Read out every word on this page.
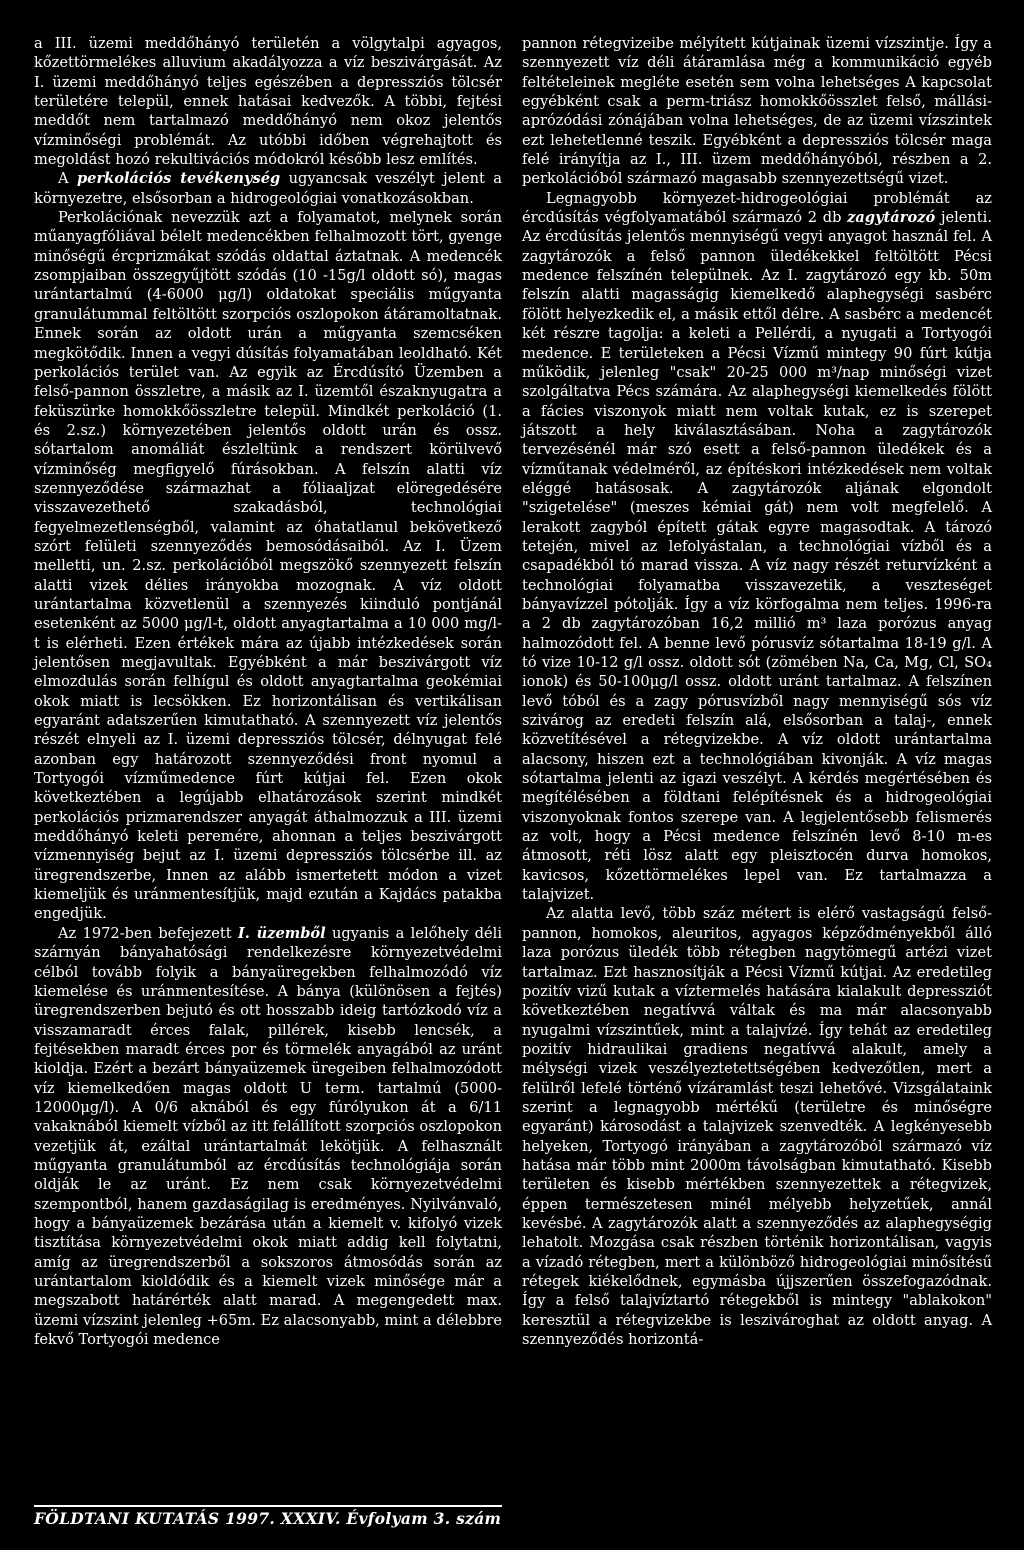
a III. üzemi meddőhányó területén a völgytalpi agyagos, kőzettörmelékes alluvium akadályozza a víz beszivárgását. Az I. üzemi meddőhányó teljes egészében a depressziós tölcsér területére települ, ennek hatásai kedvezők. A többi, fejtési meddőt nem tartalmazó meddőhányó nem okoz jelentős vízminőségi problémát. Az utóbbi időben végrehajtott és megoldást hozó rekultivációs módokról később lesz említés.

A perkolációs tevékenység ugyancsak veszélyt jelent a környezetre, elsősorban a hidrogeológiai vonatkozásokban.

Perkolációnak nevezzük azt a folyamatot, melynek során műanyagfóliával bélelt medencékben felhalmozott tört, gyenge minőségű ércprizmákat szódás oldattal áztatnak. A medencék zsompjaiban összegyűjtött szódás (10 -15g/l oldott só), magas urántartalmú (4-6000 μg/l) oldatokat speciális műgyanta granulátummal feltöltött szorpciós oszlopokon átáramoltatnak. Ennek során az oldott urán a műgyanta szemcséken megkötődik. Innen a vegyi dúsítás folyamatában leoldható. Két perkolációs terület van. Az egyik az Ércdúsító Üzemben a felső-pannon összletre, a másik az I. üzemtől északnyugatra a feküszürke homokkőösszletre települ. Mindkét perkoláció (1. és 2.sz.) környezetében jelentős oldott urán és ossz. sótartalom anomáliát észleltünk a rendszert körülvevő vízminőség megfigyelő fúrásokban. A felszín alatti víz szennyeződése származhat a fóliaaljzat elöregedésére visszavezethető szakadásból, technológiai fegyelmezetlenségből, valamint az óhatatlanul bekövetkező szórt felületi szennyeződés bemosódásaiból. Az I. Üzem melletti, un. 2.sz. perkolációból megszökő szennyezett felszín alatti vizek délies irányokba mozognak. A víz oldott urántartalma közvetlenül a szennyezés kiinduló pontjánál esetenként az 5000 μg/l-t, oldott anyagtartalma a 10 000 mg/l-t is elérheti. Ezen értékek mára az újabb intézkedések során jelentősen megjavultak. Egyébként a már beszivárgott víz elmozdulás során felhígul és oldott anyagtartalma geokémiai okok miatt is lecsökken. Ez horizontálisan és vertikálisan egyaránt adatszerűen kimutatható. A szennyezett víz jelentős részét elnyeli az I. üzemi depressziós tölcsér, délnyugat felé azonban egy határozott szennyeződési front nyomul a Tortyogói vízműmedence fúrt kútjai fel. Ezen okok következtében a legújabb elhatározások szerint mindkét perkolációs prizmarendszer anyagát áthalmozzuk a III. üzemi meddőhányó keleti peremére, ahonnan a teljes beszivárgott vízmennyiség bejut az I. üzemi depressziós tölcsérbe ill. az üregrendszerbe, Innen az alább ismertetett módon a vizet kiemeljük és uránmentesítjük, majd ezután a Kajdács patakba engedjük.

Az 1972-ben befejezett I. üzemből ugyanis a lelőhely déli szárnyán bányahatósági rendelkezésre környezetvédelmi célból tovább folyik a bányaüregekben felhalmozódó víz kiemelése és uránmentesítése. A bánya (különösen a fejtés) üregrendszerben bejutó és ott hosszabb ideig tartózkodó víz a visszamaradt érces falak, pillérek, kisebb lencsék, a fejtésekben maradt érces por és törmelék anyagából az uránt kioldja. Ezért a bezárt bányaüzemek üregeiben felhalmozódott víz kiemelkedően magas oldott U term. tartalmú (5000-12000μg/l). A 0/6 aknából és egy fúrólyukon át a 6/11 vakaknából kiemelt vízből az itt felállított szorpciós oszlopokon vezetjük át, ezáltal urántartalmát lekötjük. A felhasznált műgyanta granulátumból az ércdúsítás technológiája során oldják le az uránt. Ez nem csak környezetvédelmi szempontból, hanem gazdaságilag is eredményes. Nyilvánvaló, hogy a bányaüzemek bezárása után a kiemelt v. kifolyó vizek tisztítása környezetvédelmi okok miatt addig kell folytatni, amíg az üregrendszerből a sokszoros átmosódás során az urántartalom kioldódik és a kiemelt vizek minősége már a megszabott határérték alatt marad. A megengedett max. üzemi vízszint jelenleg +65m. Ez alacsonyabb, mint a délebbre fekvő Tortyogói medence

pannon rétegvizeibe mélyített kútjainak üzemi vízszintje. Így a szennyezett víz déli átáramlása még a kommunikáció egyéb feltételeinek megléte esetén sem volna lehetséges A kapcsolat egyébként csak a perm-triász homokkőösszlet felső, mállási-aprózódási zónájában volna lehetséges, de az üzemi vízszintek ezt lehetetlenné teszik. Egyébként a depressziós tölcsér maga felé irányítja az I., III. üzem meddőhányóból, részben a 2. perkolációból származó magasabb szennyezettségű vizet.

Legnagyobb környezet-hidrogeológiai problémát az ércdúsítás végfolyamatából származó 2 db zagytározó jelenti. Az ércdúsítás jelentős mennyiségű vegyi anyagot használ fel. A zagytározók a felső pannon üledékekkel feltöltött Pécsi medence felszínén települnek. Az I. zagytározó egy kb. 50m felszín alatti magasságig kiemelkedő alaphegységi sasbérc fölött helyezkedik el, a másik ettől délre. A sasbérc a medencét két részre tagolja: a keleti a Pellérdi, a nyugati a Tortyogói medence. E területeken a Pécsi Vízmű mintegy 90 fúrt kútja működik, jelenleg "csak" 20-25 000 m³/nap minőségi vizet szolgáltatva Pécs számára. Az alaphegységi kiemelkedés fölött a fácies viszonyok miatt nem voltak kutak, ez is szerepet játszott a hely kiválasztásában. Noha a zagytározók tervezésénél már szó esett a felső-pannon üledékek és a vízműtanak védelméről, az építéskori intézkedések nem voltak eléggé hatásosak. A zagytározók aljának elgondolt "szigetelése" (meszes kémiai gát) nem volt megfelelő. A lerakott zagyból épített gátak egyre magasodtak. A tározó tetején, mivel az lefolyástalan, a technológiai vízből és a csapadékból tó marad vissza. A víz nagy részét returvízként a technológiai folyamatba visszavezetik, a veszteséget bányavízzel pótolják. Így a víz körfogalma nem teljes. 1996-ra a 2 db zagytározóban 16,2 millió m³ laza porózus anyag halmozódott fel. A benne levő pórusvíz sótartalma 18-19 g/l. A tó vize 10-12 g/l ossz. oldott sót (zömében Na, Ca, Mg, Cl, SO₄ ionok) és 50-100μg/l ossz. oldott uránt tartalmaz. A felszínen levő tóból és a zagy pórusvízből nagy mennyiségű sós víz szivárog az eredeti felszín alá, elsősorban a talaj-, ennek közvetítésével a rétegvizekbe. A víz oldott urántartalma alacsony, hiszen ezt a technológiában kivonják. A víz magas sótartalma jelenti az igazi veszélyt. A kérdés megértésében és megítélésében a földtani felépítésnek és a hidrogeológiai viszonyoknak fontos szerepe van. A legjelentősebb felismerés az volt, hogy a Pécsi medence felszínén levő 8-10 m-es átmosott, réti lösz alatt egy pleisztocén durva homokos, kavicsos, kőzettörmelékes lepel van. Ez tartalmazza a talajvizet.

Az alatta levő, több száz métert is elérő vastagságú felső-pannon, homokos, aleuritos, agyagos képződményekből álló laza porózus üledék több rétegben nagytömegű artézi vizet tartalmaz. Ezt hasznosítják a Pécsi Vízmű kútjai. Az eredetileg pozitív vizű kutak a víztermelés hatására kialakult depressziót következtében negatívvá váltak és ma már alacsonyabb nyugalmi vízszintűek, mint a talajvízé. Így tehát az eredetileg pozitív hidraulikai gradiens negatívvá alakult, amely a mélységi vizek veszélyeztetettségében kedvezőtlen, mert a felülről lefelé történő vízáramlást teszi lehetővé. Vizsgálataink szerint a legnagyobb mértékű (területre és minőségre egyaránt) károsodást a talajvizek szenvedték. A legkényesebb helyeken, Tortyogó irányában a zagytározóból származó víz hatása már több mint 2000m távolságban kimutatható. Kisebb területen és kisebb mértékben szennyezettek a rétegvizek, éppen természetesen minél mélyebb helyzetűek, annál kevésbé. A zagytározók alatt a szennyeződés az alaphegységig lehatolt. Mozgása csak részben történik horizontálisan, vagyis a vízadó rétegben, mert a különböző hidrogeológiai minősítésű rétegek kiékelődnek, egymásba újjszerűen összefogazódnak. Így a felső talajvíztartó rétegekből is mintegy "ablakokon" keresztül a rétegvizekbe is leszivároghat az oldott anyag. A szennyeződés horizontá-

FÖLDTANI KUTATÁS 1997. XXXIV. Évfolyam 3. szám
